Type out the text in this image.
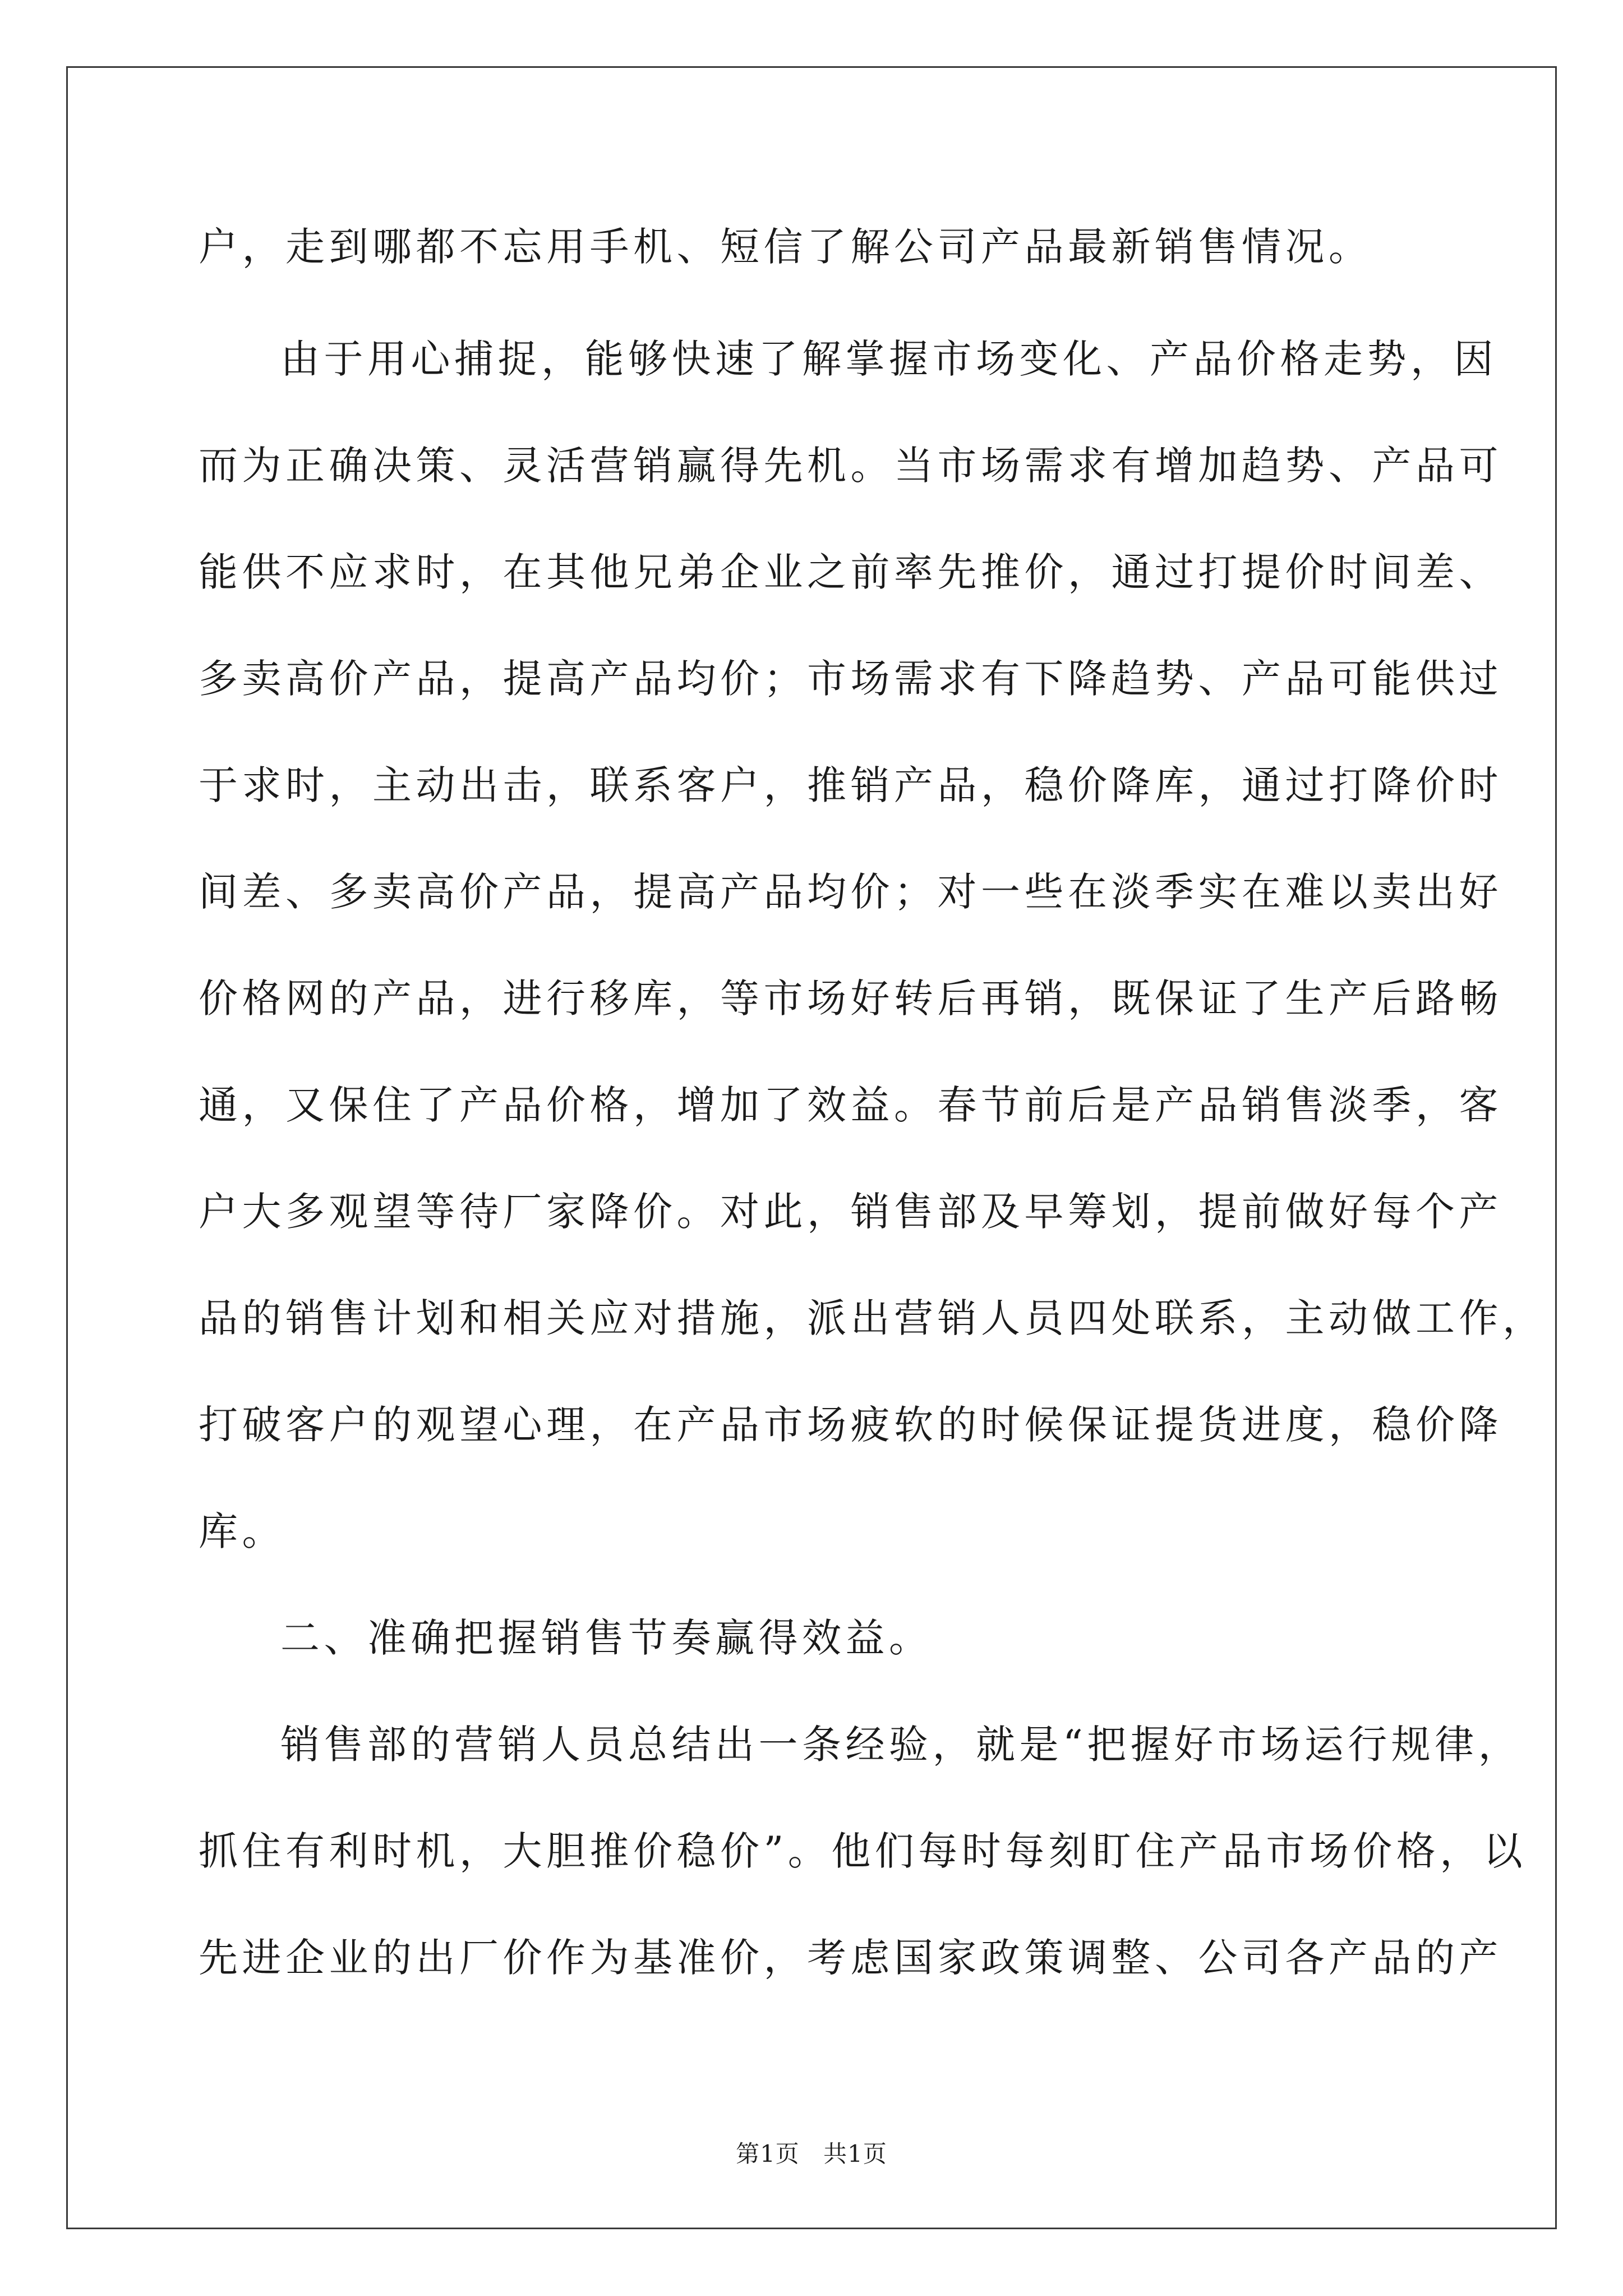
户，走到哪都不忘用手机、短信了解公司产品最新销售情况。
由于用心捕捉，能够快速了解掌握市场变化、产品价格走势，因
而为正确决策、灵活营销赢得先机。当市场需求有增加趋势、产品可
能供不应求时，在其他兄弟企业之前率先推价，通过打提价时间差、
多卖高价产品，提高产品均价；市场需求有下降趋势、产品可能供过
于求时，主动出击，联系客户，推销产品，稳价降库，通过打降价时
间差、多卖高价产品，提高产品均价；对一些在淡季实在难以卖出好
价格网的产品，进行移库，等市场好转后再销，既保证了生产后路畅
通，又保住了产品价格，增加了效益。春节前后是产品销售淡季，客
户大多观望等待厂家降价。对此，销售部及早筹划，提前做好每个产
品的销售计划和相关应对措施，派出营销人员四处联系，主动做工作，
打破客户的观望心理，在产品市场疲软的时候保证提货进度，稳价降
库。
二、准确把握销售节奏赢得效益。
销售部的营销人员总结出一条经验，就是“把握好市场运行规律，
抓住有利时机，大胆推价稳价”。他们每时每刻盯住产品市场价格，以
先进企业的出厂价作为基准价，考虑国家政策调整、公司各产品的产
第1页 共1页
